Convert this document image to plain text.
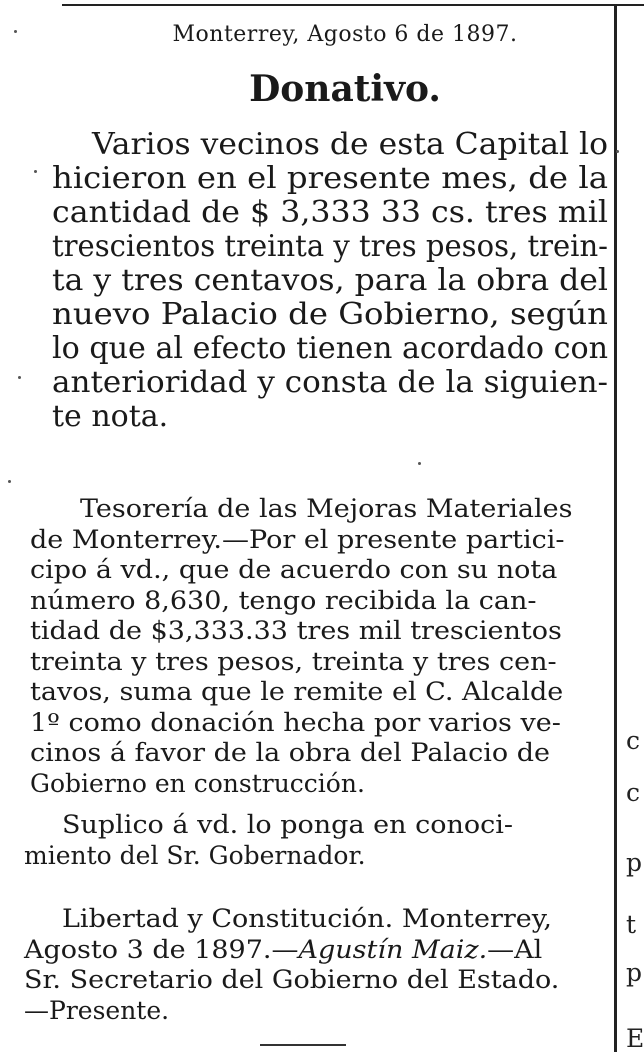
Monterrey, Agosto 6 de 1897.
Donativo.
Varios vecinos de esta Capital lo
hicieron en el presente mes, de la
cantidad de $ 3,333 33 cs. tres mil
trescientos treinta y tres pesos, trein-
ta y tres centavos, para la obra del
nuevo Palacio de Gobierno, según
lo que al efecto tienen acordado con
anterioridad y consta de la siguien-
te nota.
Tesorería de las Mejoras Materiales
de Monterrey.—Por el presente partici-
cipo á vd., que de acuerdo con su nota
número 8,630, tengo recibida la can-
tidad de $3,333.33 tres mil trescientos
treinta y tres pesos, treinta y tres cen-
tavos, suma que le remite el C. Alcalde
1º como donación hecha por varios ve-
cinos á favor de la obra del Palacio de
Gobierno en construcción.
Suplico á vd. lo ponga en conoci-
miento del Sr. Gobernador.
Libertad y Constitución. Monterrey,
Agosto 3 de 1897.—Agustín Maiz.—Al
Sr. Secretario del Gobierno del Estado.
—Presente.
c
c
p
t
p
E
